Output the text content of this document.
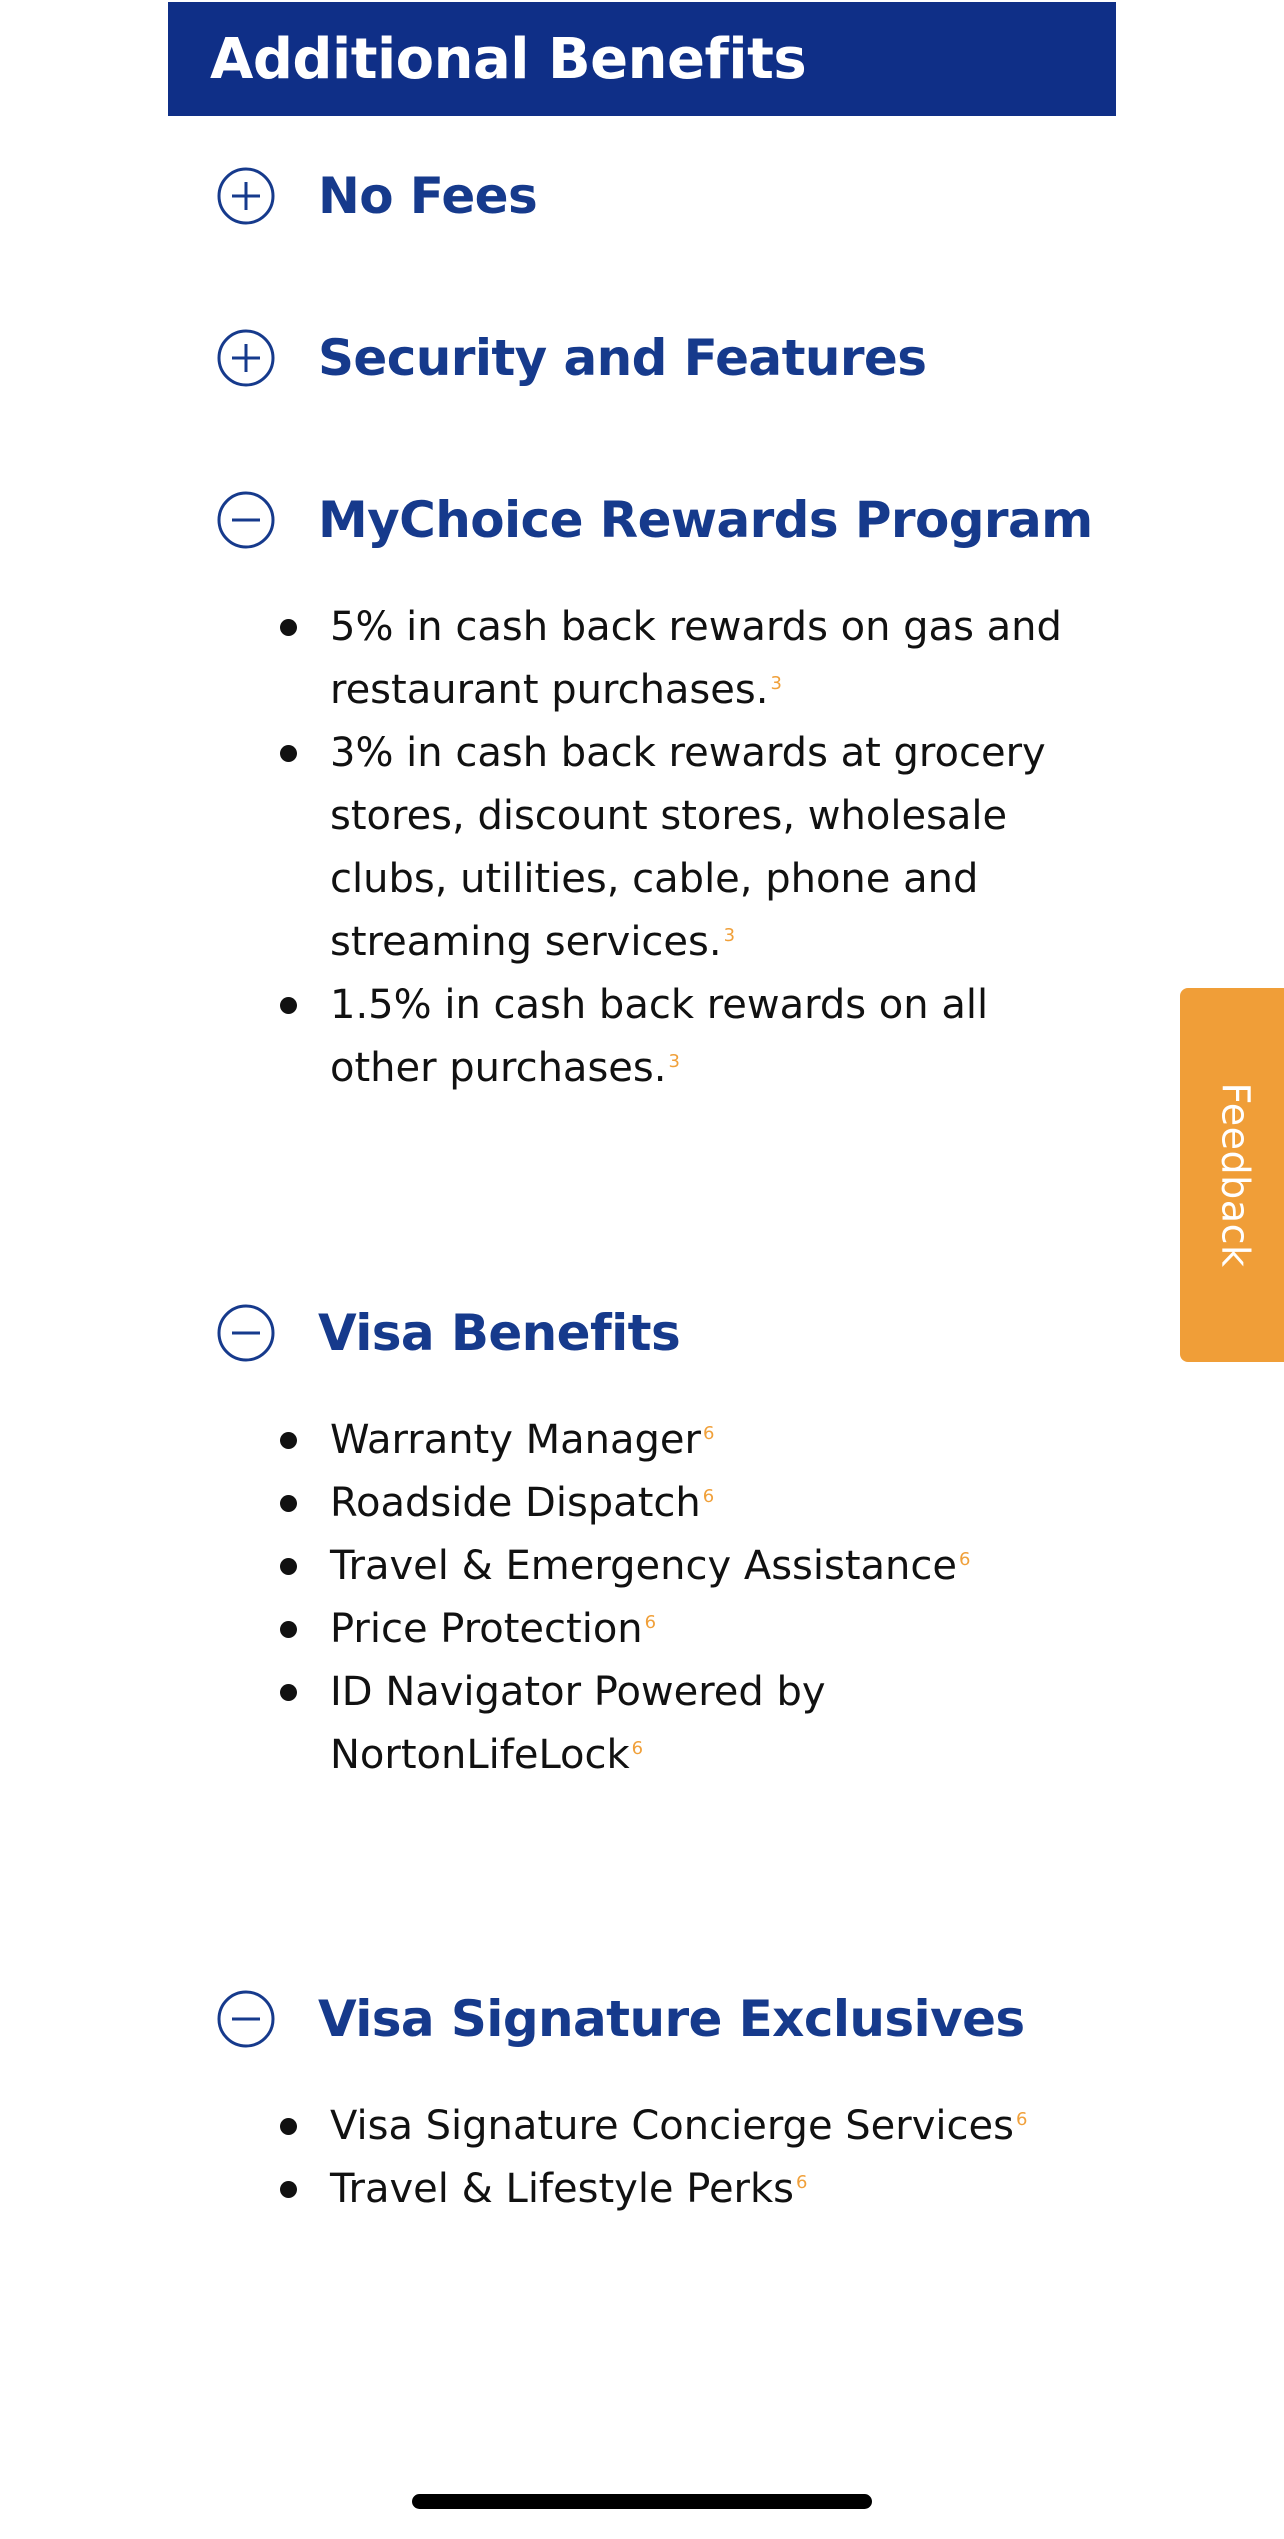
Additional Benefits
No Fees
Security and Features
MyChoice Rewards Program
5% in cash back rewards on gas and restaurant purchases. $^3$
3% in cash back rewards at grocery stores, discount stores, wholesale clubs, utilities, cable, phone and streaming services. $^3$
1.5% in cash back rewards on all other purchases. $^3$
Visa Benefits
Warranty Manager $^6$
Roadside Dispatch $^6$
Travel & Emergency Assistance $^6$
Price Protection $^6$
ID Navigator Powered by NortonLifeLock $^6$
Visa Signature Exclusives
Visa Signature Concierge Services $^6$
Travel & Lifestyle Perks $^6$
Feedback
